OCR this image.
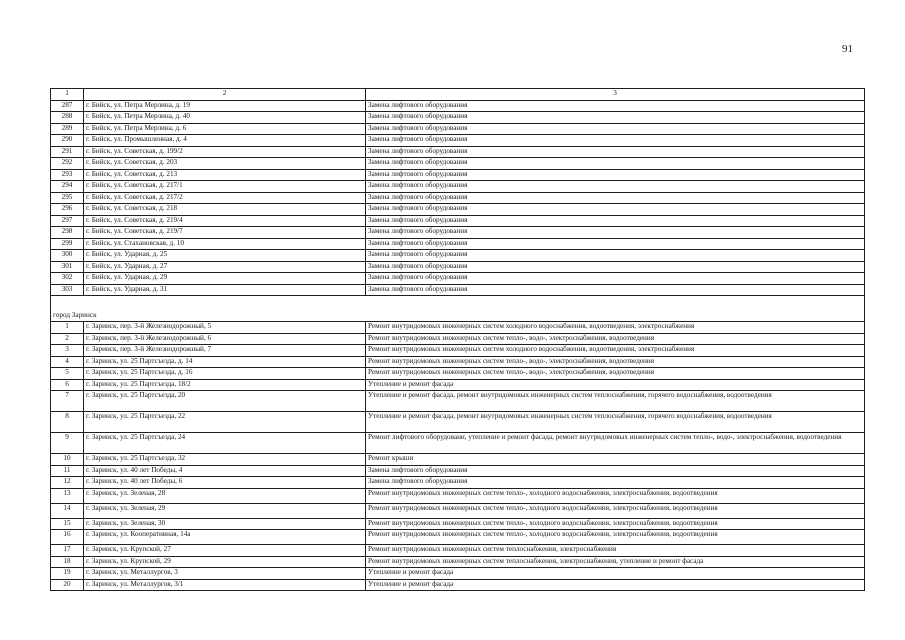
91
1	2	3
287	г. Бийск, ул. Петра Мерлина, д. 19	Замена лифтового оборудования
288	г. Бийск, ул. Петра Мерлина, д. 40	Замена лифтового оборудования
289	г. Бийск, ул. Петра Мерлина, д. 6	Замена лифтового оборудования
290	г. Бийск, ул. Промышленная, д. 4	Замена лифтового оборудования
291	г. Бийск, ул. Советская, д. 199/2	Замена лифтового оборудования
292	г. Бийск, ул. Советская, д. 203	Замена лифтового оборудования
293	г. Бийск, ул. Советская, д. 213	Замена лифтового оборудования
294	г. Бийск, ул. Советская, д. 217/1	Замена лифтового оборудования
295	г. Бийск, ул. Советская, д. 217/2	Замена лифтового оборудования
296	г. Бийск, ул. Советская, д. 218	Замена лифтового оборудования
297	г. Бийск, ул. Советская, д. 219/4	Замена лифтового оборудования
298	г. Бийск, ул. Советская, д. 219/7	Замена лифтового оборудования
299	г. Бийск, ул. Стахановская, д. 10	Замена лифтового оборудования
300	г. Бийск, ул. Ударная, д. 25	Замена лифтового оборудования
301	г. Бийск, ул. Ударная, д. 27	Замена лифтового оборудования
302	г. Бийск, ул. Ударная, д. 29	Замена лифтового оборудования
303	г. Бийск, ул. Ударная, д. 31	Замена лифтового оборудования

город Заринск		
1	г. Заринск, пер. 3-й Железнодорожный, 5	Ремонт внутридомовых инженерных систем холодного водоснабжения, водоотведения, электроснабжения
2	г. Заринск, пер. 3-й Железнодорожный, 6	Ремонт внутридомовых инженерных систем тепло-, водо-, электроснабжения, водоотведения
3	г. Заринск, пер. 3-й Железнодорожный, 7	Ремонт внутридомовых инженерных систем холодного водоснабжения, водоотведения, электроснабжения
4	г. Заринск, ул. 25 Партсъезда, д. 14	Ремонт внутридомовых инженерных систем тепло-, водо-, электроснабжения, водоотведения
5	г. Заринск, ул. 25 Партсъезда, д. 16	Ремонт внутридомовых инженерных систем тепло-, водо-, электроснабжения, водоотведения
6	г. Заринск, ул. 25 Партсъезда, 18/2	Утепление и ремонт фасада
7	г. Заринск, ул. 25 Партсъезда, 20	Утепление и ремонт фасада, ремонт внутридомовых инженерных систем теплоснабжения, горячего водоснабжения, водоотведения
8	г. Заринск, ул. 25 Партсъезда, 22	Утепление и ремонт фасада, ремонт внутридомовых инженерных систем теплоснабжения, горячего водоснабжения, водоотведения
9	г. Заринск, ул. 25 Партсъезда, 24	Ремонт лифтового оборудовани, утепление и ремонт фасада, ремонт внутридомовых инженерных систем тепло-, водо-, электроснабжения, водоотведения
10	г. Заринск, ул. 25 Партсъезда, 32	Ремонт крыши
11	г. Заринск, ул. 40 лет Победы, 4	Замена лифтового оборудования
12	г. Заринск, ул. 40 лет Победы, 6	Замена лифтового оборудования
13	г. Заринск, ул. Зеленая, 28	Ремонт внутридомовых инженерных систем тепло-, холодного водоснабжения, электроснабжения, водоотведения
14	г. Заринск, ул. Зеленая, 29	Ремонт внутридомовых инженерных систем тепло-, холодного водоснабжения, электроснабжения, водоотведения
15	г. Заринск, ул. Зеленая, 30	Ремонт внутридомовых инженерных систем тепло-, холодного водоснабжения, электроснабжения, водоотведения
16	г. Заринск, ул. Кооперативная, 14а	Ремонт внутридомовых инженерных систем тепло-, холодного водоснабжения, электроснабжения, водоотведения
17	г. Заринск, ул. Крупской, 27	Ремонт внутридомовых инженерных систем теплоснабжения, электроснабжения
18	г. Заринск, ул. Крупской, 29	Ремонт внутридомовых инженерных систем теплоснабжения, электроснабжения, утепление и ремонт фасада
19	г. Заринск, ул. Металлургов, 3	Утепление и ремонт фасада
20	г. Заринск, ул. Металлургов, 3/1	Утепление и ремонт фасада
